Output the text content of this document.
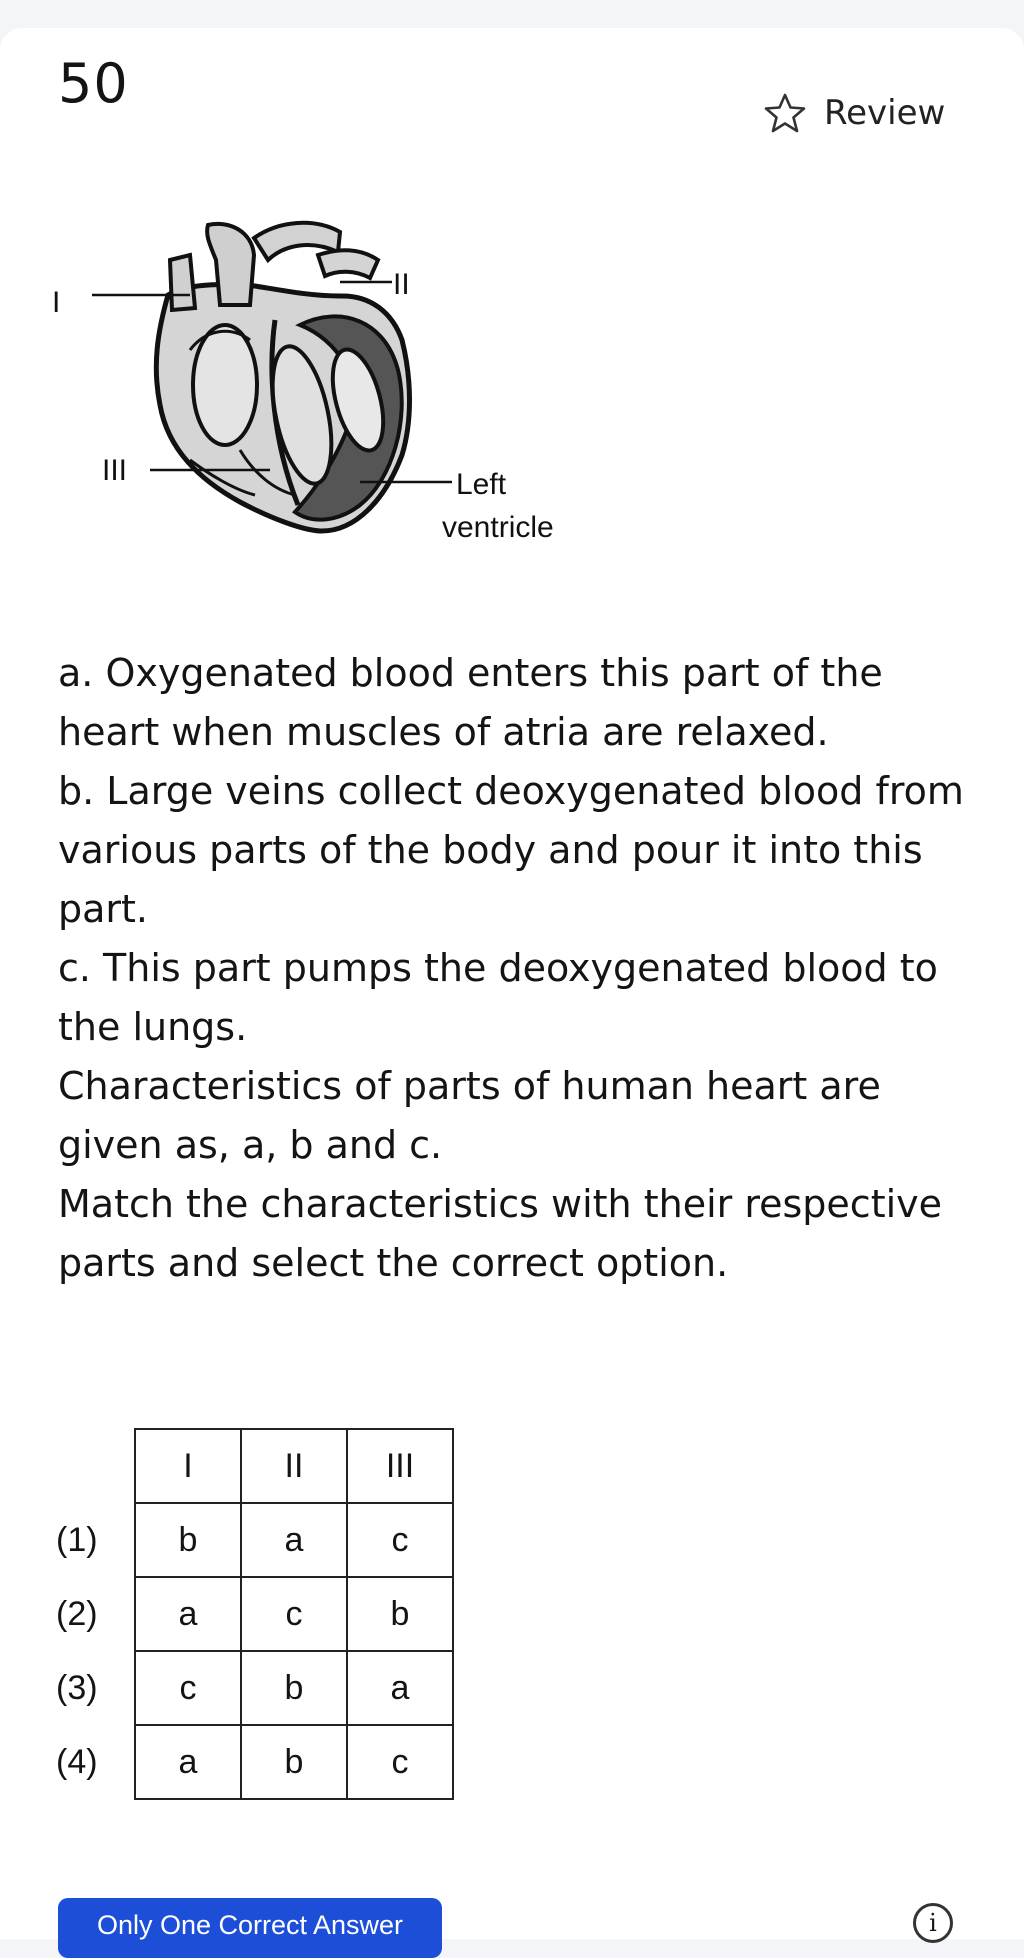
50	Review
I
II
III	Left
ventricle

a. Oxygenated blood enters this part of the heart when muscles of atria are relaxed.

b. Large veins collect deoxygenated blood from various parts of the body and pour it into this part.

c. This part pumps the deoxygenated blood to the lungs.

Characteristics of parts of human heart are given as, a, b and c.

Match the characteristics with their respective parts and select the correct option.

	I	II	III
(1)	b	a	c
(2)	a	c	b
(3)	c	b	a
(4)	a	b	c
Only One Correct Answer	i
